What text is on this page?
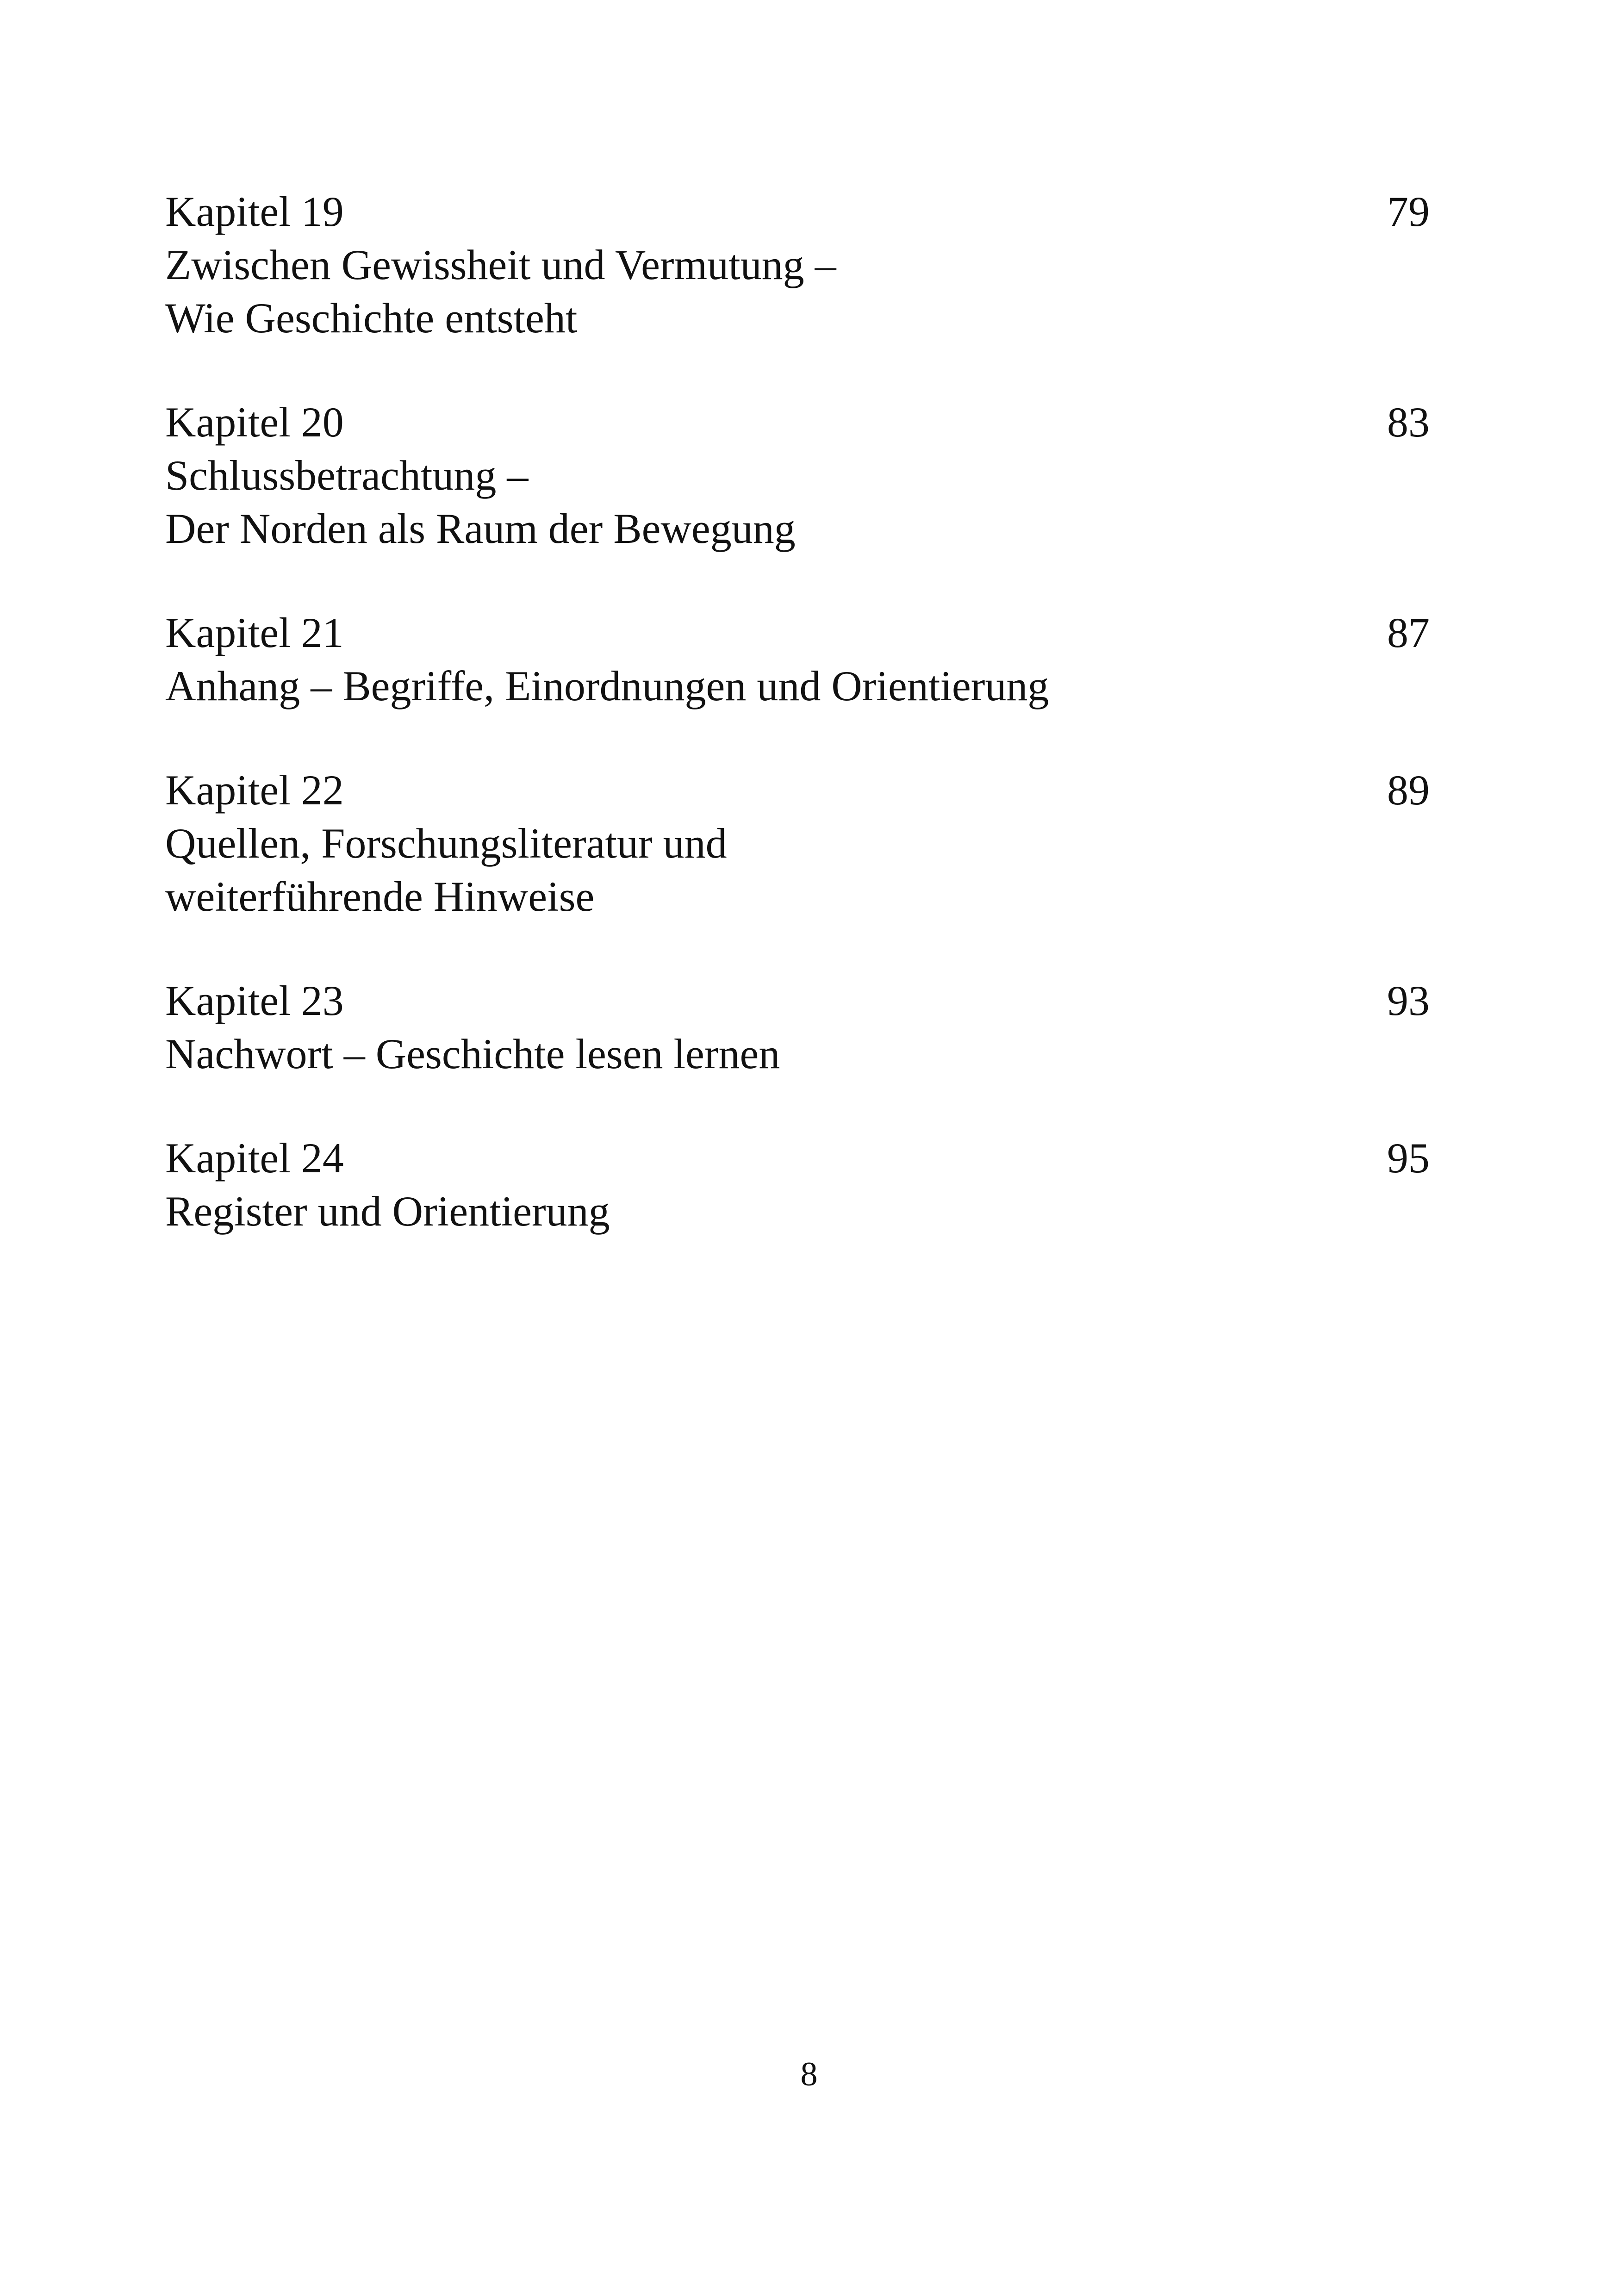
Kapitel 19	79
Zwischen Gewissheit und Vermutung –
Wie Geschichte entsteht
Kapitel 20	83
Schlussbetrachtung –
Der Norden als Raum der Bewegung
Kapitel 21	87
Anhang – Begriffe, Einordnungen und Orientierung
Kapitel 22	89
Quellen, Forschungsliteratur und
weiterführende Hinweise
Kapitel 23	93
Nachwort – Geschichte lesen lernen
Kapitel 24	95
Register und Orientierung
8
